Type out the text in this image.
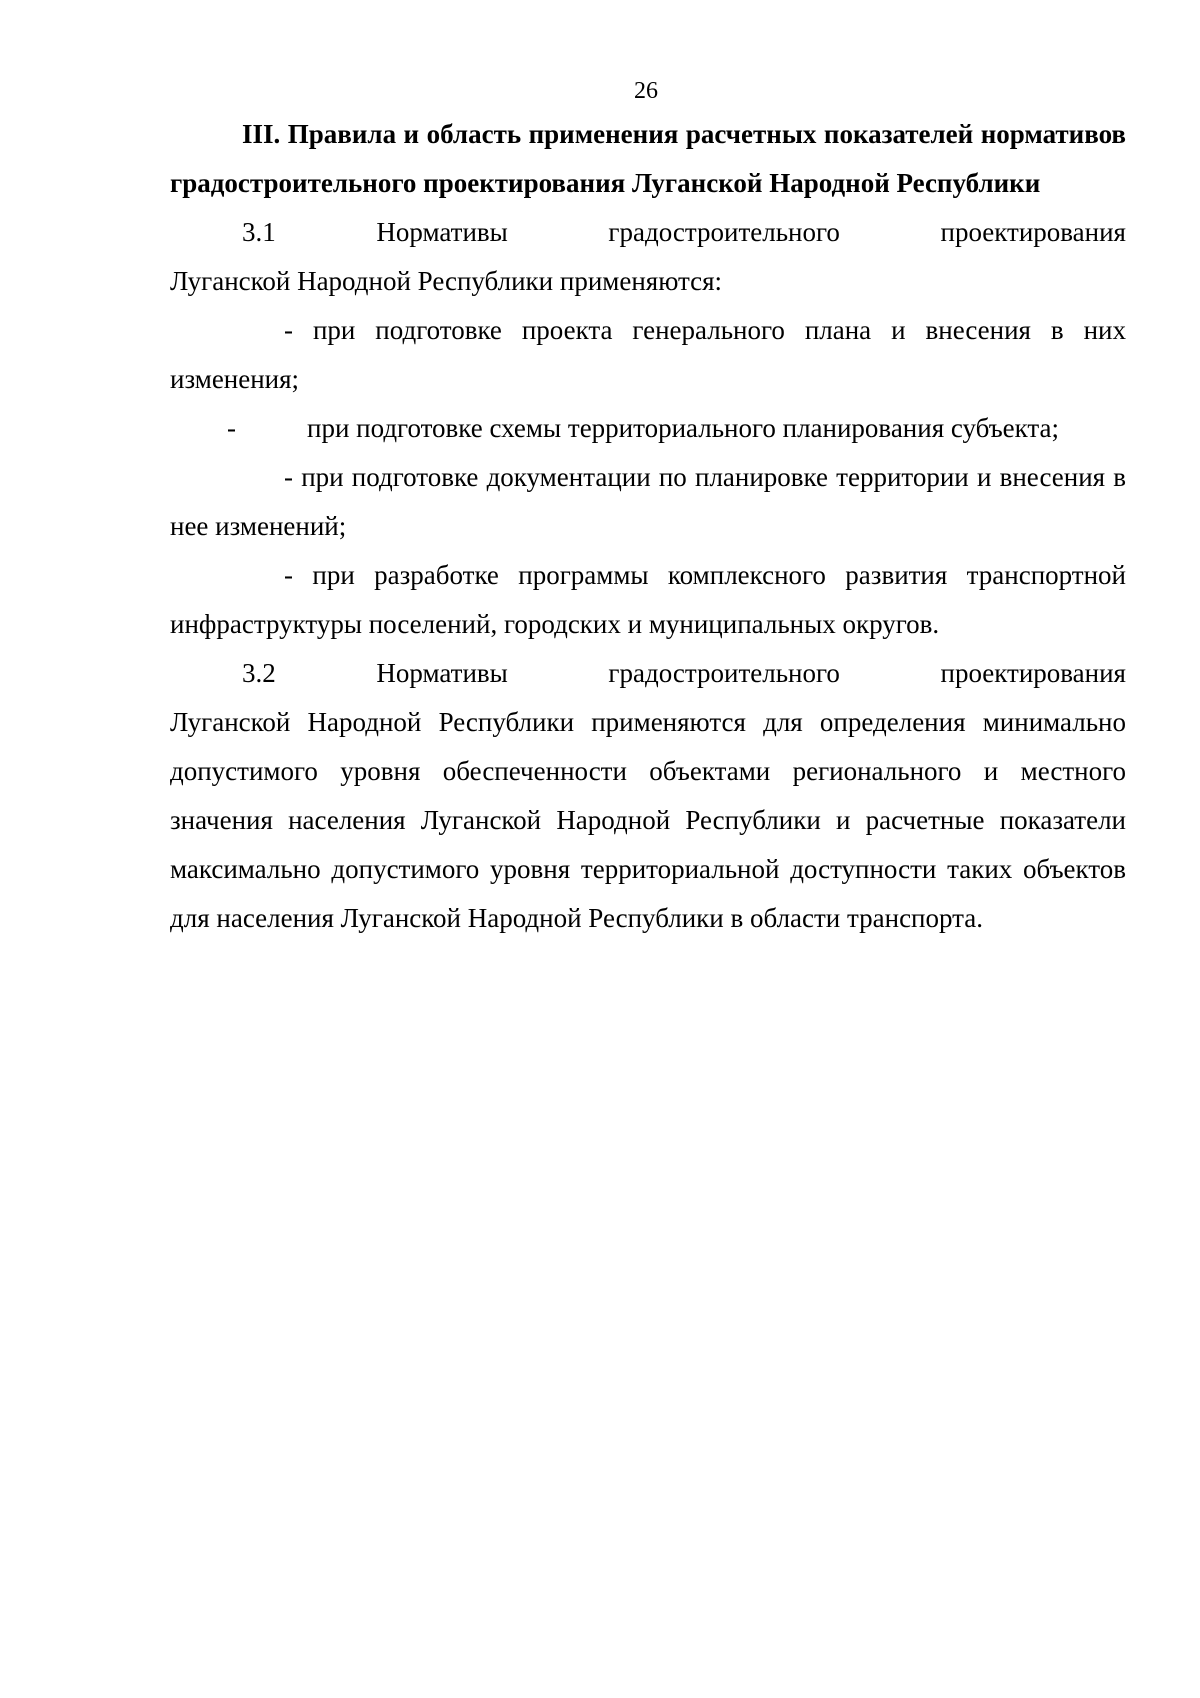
26

III. Правила и область применения расчетных показателей нормативов градостроительного проектирования Луганской Народной Республики

3.1	Нормативы	градостроительного	проектирования

Луганской Народной Республики применяются:

- при подготовке проекта генерального плана и внесения в них изменения;

-	при подготовке схемы территориального планирования субъекта;

- при подготовке документации по планировке территории и внесения в нее изменений;

- при разработке программы комплексного развития транспортной инфраструктуры поселений, городских и муниципальных округов.

3.2	Нормативы	градостроительного	проектирования

Луганской Народной Республики применяются для определения минимально допустимого уровня обеспеченности объектами регионального и местного значения населения Луганской Народной Республики и расчетные показатели максимально допустимого уровня территориальной доступности таких объектов для населения Луганской Народной Республики в области транспорта.
